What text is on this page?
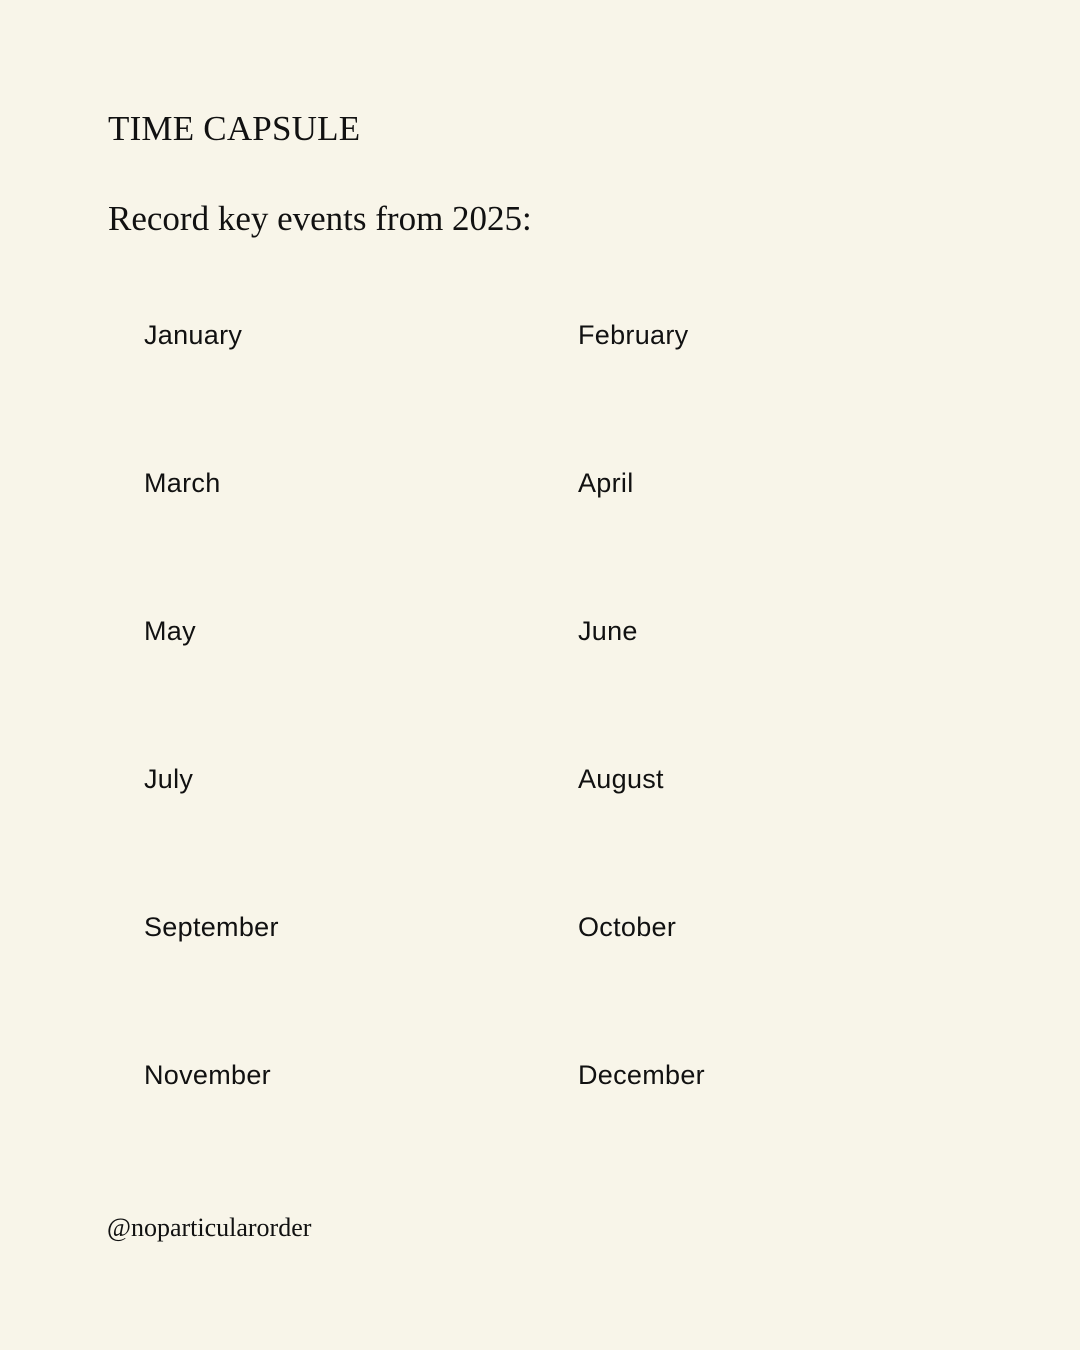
TIME CAPSULE

Record key events from 2025:

January	February
March	April
May	June
July	August
September	October
November	December
@noparticularorder
